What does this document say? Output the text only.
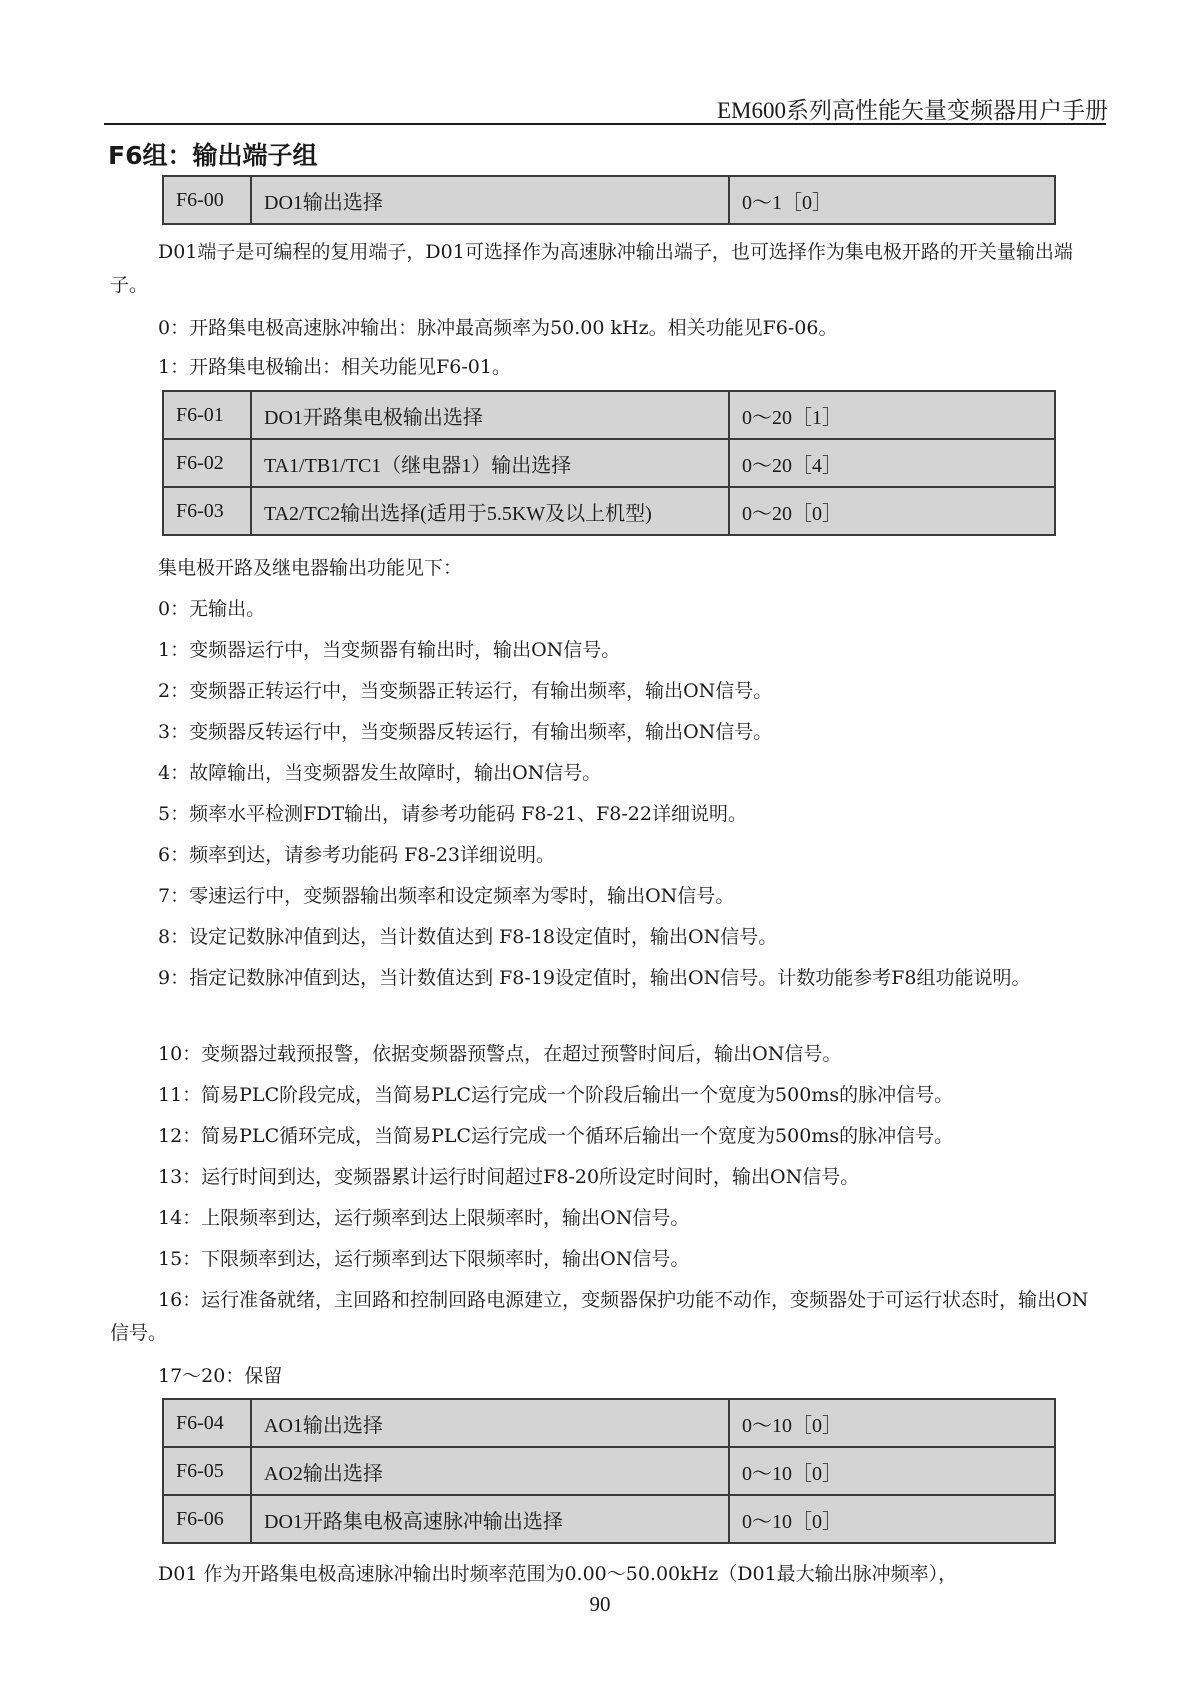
EM600系列高性能矢量变频器用户手册
F6组：输出端子组
F6-00	DO1输出选择	0～1［0］

D01端子是可编程的复用端子，D01可选择作为高速脉冲输出端子，也可选择作为集电极开路的开关量输出端子。

0：开路集电极高速脉冲输出：脉冲最高频率为50.00 kHz。相关功能见F6-06。

1：开路集电极输出：相关功能见F6-01。

F6-01	DO1开路集电极输出选择	0～20［1］
F6-02	TA1/TB1/TC1（继电器1）输出选择	0～20［4］
F6-03	TA2/TC2输出选择(适用于5.5KW及以上机型)	0～20［0］

集电极开路及继电器输出功能见下：

0：无输出。

1：变频器运行中，当变频器有输出时，输出ON信号。

2：变频器正转运行中，当变频器正转运行，有输出频率，输出ON信号。

3：变频器反转运行中，当变频器反转运行，有输出频率，输出ON信号。

4：故障输出，当变频器发生故障时，输出ON信号。

5：频率水平检测FDT输出，请参考功能码 F8-21、F8-22详细说明。

6：频率到达，请参考功能码 F8-23详细说明。

7：零速运行中，变频器输出频率和设定频率为零时，输出ON信号。

8：设定记数脉冲值到达，当计数值达到 F8-18设定值时，输出ON信号。

9：指定记数脉冲值到达，当计数值达到 F8-19设定值时，输出ON信号。计数功能参考F8组功能说明。

10：变频器过载预报警，依据变频器预警点，在超过预警时间后，输出ON信号。

11：简易PLC阶段完成，当简易PLC运行完成一个阶段后输出一个宽度为500ms的脉冲信号。

12：简易PLC循环完成，当简易PLC运行完成一个循环后输出一个宽度为500ms的脉冲信号。

13：运行时间到达，变频器累计运行时间超过F8-20所设定时间时，输出ON信号。

14：上限频率到达，运行频率到达上限频率时，输出ON信号。

15：下限频率到达，运行频率到达下限频率时，输出ON信号。

16：运行准备就绪，主回路和控制回路电源建立，变频器保护功能不动作，变频器处于可运行状态时，输出ON信号。

17～20：保留

F6-04	AO1输出选择	0～10［0］
F6-05	AO2输出选择	0～10［0］
F6-06	DO1开路集电极高速脉冲输出选择	0～10［0］

D01 作为开路集电极高速脉冲输出时频率范围为0.00～50.00kHz（D01最大输出脉冲频率），

90
